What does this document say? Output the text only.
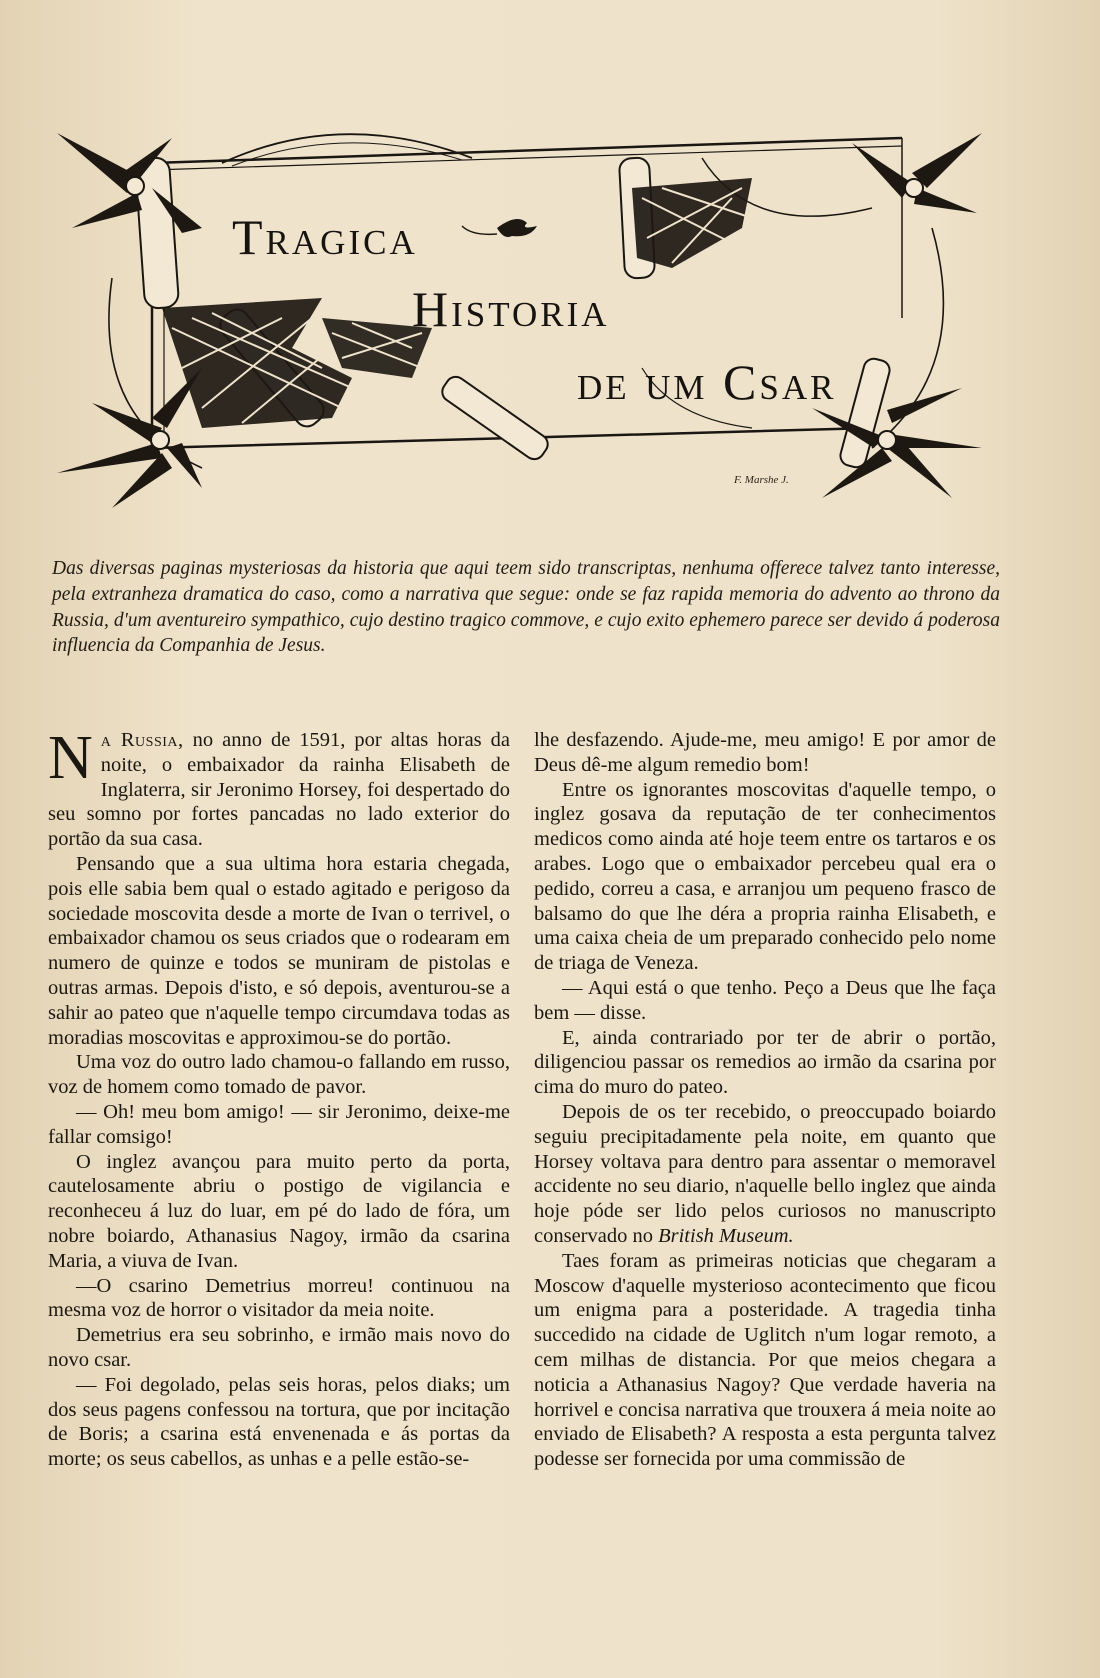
Tragica
Historia
de um Csar
F. Marshe J.

Das diversas paginas mysteriosas da historia que aqui teem sido transcriptas, nenhuma offerece talvez tanto interesse, pela extranheza dramatica do caso, como a narrativa que segue: onde se faz rapida memoria do advento ao throno da Russia, d'um aventureiro sympathico, cujo destino tragico commove, e cujo exito ephemero parece ser devido á poderosa influencia da Companhia de Jesus.

Na Russia, no anno de 1591, por altas horas da noite, o embaixador da rainha Elisabeth de Inglaterra, sir Jeronimo Horsey, foi despertado do seu somno por fortes pancadas no lado exterior do portão da sua casa.

Pensando que a sua ultima hora estaria chegada, pois elle sabia bem qual o estado agitado e perigoso da sociedade moscovita desde a morte de Ivan o terrivel, o embaixador chamou os seus criados que o rodearam em numero de quinze e todos se muniram de pistolas e outras armas. Depois d'isto, e só depois, aventurou-se a sahir ao pateo que n'aquelle tempo circumdava todas as moradias moscovitas e approximou-se do portão.

Uma voz do outro lado chamou-o fallando em russo, voz de homem como tomado de pavor.

— Oh! meu bom amigo! — sir Jeronimo, deixe-me fallar comsigo!

O inglez avançou para muito perto da porta, cautelosamente abriu o postigo de vigilancia e reconheceu á luz do luar, em pé do lado de fóra, um nobre boiardo, Athanasius Nagoy, irmão da csarina Maria, a viuva de Ivan.

—O csarino Demetrius morreu! continuou na mesma voz de horror o visitador da meia noite.

Demetrius era seu sobrinho, e irmão mais novo do novo csar.

— Foi degolado, pelas seis horas, pelos diaks; um dos seus pagens confessou na tortura, que por incitação de Boris; a csarina está envenenada e ás portas da morte; os seus cabellos, as unhas e a pelle estão-se-

lhe desfazendo. Ajude-me, meu amigo! E por amor de Deus dê-me algum remedio bom!

Entre os ignorantes moscovitas d'aquelle tempo, o inglez gosava da reputação de ter conhecimentos medicos como ainda até hoje teem entre os tartaros e os arabes. Logo que o embaixador percebeu qual era o pedido, correu a casa, e arranjou um pequeno frasco de balsamo do que lhe déra a propria rainha Elisabeth, e uma caixa cheia de um preparado conhecido pelo nome de triaga de Veneza.

— Aqui está o que tenho. Peço a Deus que lhe faça bem — disse.

E, ainda contrariado por ter de abrir o portão, diligenciou passar os remedios ao irmão da csarina por cima do muro do pateo.

Depois de os ter recebido, o preoccupado boiardo seguiu precipitadamente pela noite, em quanto que Horsey voltava para dentro para assentar o memoravel accidente no seu diario, n'aquelle bello inglez que ainda hoje póde ser lido pelos curiosos no manuscripto conservado no British Museum.

Taes foram as primeiras noticias que chegaram a Moscow d'aquelle mysterioso acontecimento que ficou um enigma para a posteridade. A tragedia tinha succedido na cidade de Uglitch n'um logar remoto, a cem milhas de distancia. Por que meios chegara a noticia a Athanasius Nagoy? Que verdade haveria na horrivel e concisa narrativa que trouxera á meia noite ao enviado de Elisabeth? A resposta a esta pergunta talvez podesse ser fornecida por uma commissão de
